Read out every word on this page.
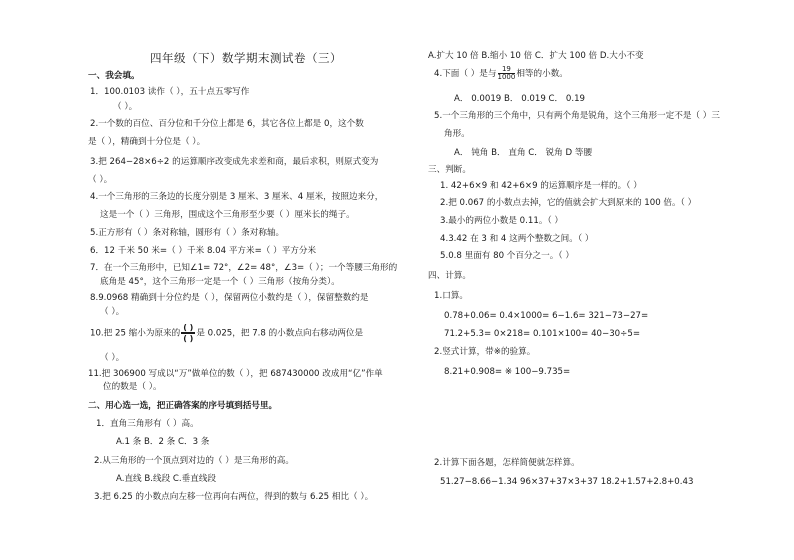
四年级（下）数学期末测试卷（三）
一、我会填。
1．100.0103 读作（ ），五十点五零写作
（ ）。
2.一个数的百位、百分位和千分位上都是 6，其它各位上都是 0，这个数
是（ ），精确到十分位是（ ）。
3.把 264−28×6÷2 的运算顺序改变成先求差和商，最后求积，则原式变为
（ ）。
4.一个三角形的三条边的长度分别是 3 厘米、3 厘米、4 厘米，按照边来分，
这是一个（ ）三角形，围成这个三角形至少要（ ）厘米长的绳子。
5.正方形有（ ）条对称轴，圆形有（ ）条对称轴。
6．12 千米 50 米=（ ）千米 8.04 平方米=（ ）平方分米
7．在一个三角形中，已知∠1= 72°，∠2= 48°，∠3=（ ）；一个等腰三角形的
底角是 45°，这个三角形一定是一个（ ）三角形（按角分类）。
8.9.0968 精确到十分位约是（ ），保留两位小数约是（ ），保留整数约是
（ ）。
10.把 25 缩小为原来的
( )
( ) 是 0.025，把 7.8 的小数点向右移动两位是
（ ）。
11.把 306900 写成以“万”做单位的数（ ），把 687430000 改成用“亿”作单
位的数是（ ）。
二、用心选一选，把正确答案的序号填到括号里。
1．直角三角形有（ ）高。
A.1 条 B．2 条 C．3 条
2.从三角形的一个顶点到对边的（ ）是三角形的高。
A.直线 B.线段 C.垂直线段
3.把 6.25 的小数点向左移一位再向右两位，得到的数与 6.25 相比（ ）。
A.扩大 10 倍 B.缩小 10 倍 C．扩大 100 倍 D.大小不变
4.下面（ ）是与 $\frac{19}{1000}$ 相等的小数。
A． 0.0019 B． 0.019 C． 0.19
5.一个三角形的三个角中，只有两个角是锐角，这个三角形一定不是（ ）三
角形。
A． 钝角 B． 直角 C． 锐角 D 等腰
三、判断。
1. 42+6×9 和 42+6×9 的运算顺序是一样的。（ ）
2.把 0.067 的小数点去掉，它的值就会扩大到原来的 100 倍。（ ）
3.最小的两位小数是 0.11。（ ）
4.3.42 在 3 和 4 这两个整数之间。（ ）
5.0.8 里面有 80 个百分之一。（ ）
四、计算。
1.口算。
0.78+0.06= 0.4×1000= 6−1.6= 321−73−27=
71.2+5.3= 0×218= 0.101×100= 40−30÷5=
2.竖式计算，带※的验算。
8.21+0.908= ※ 100−9.735=
2.计算下面各题，怎样简便就怎样算。
51.27−8.66−1.34 96×37+37×3+37 18.2+1.57+2.8+0.43
